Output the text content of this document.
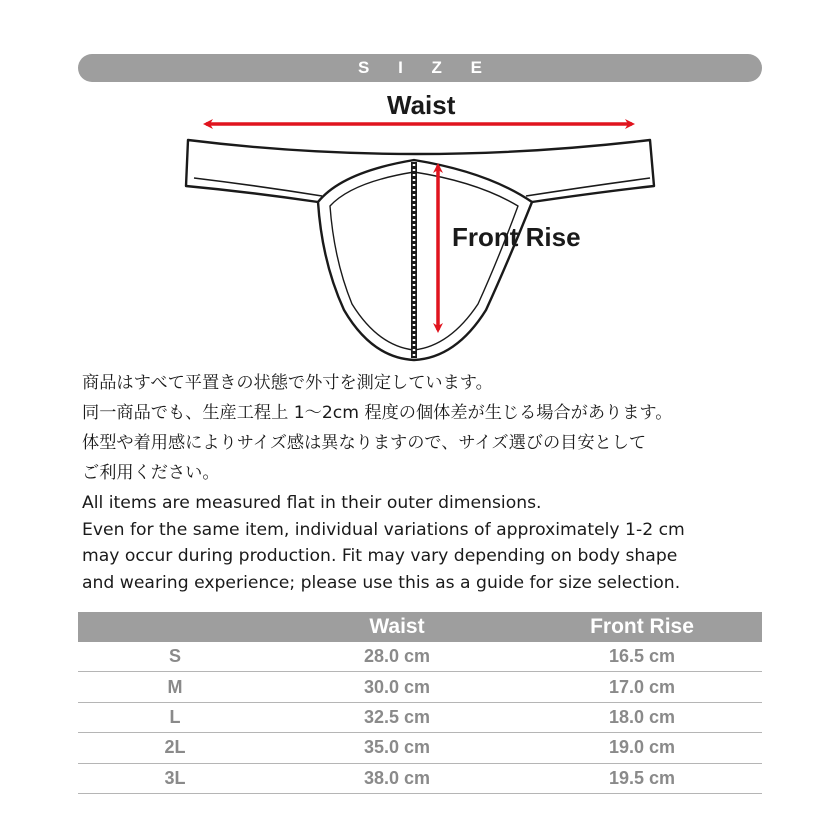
S I Z E
Waist
Front Rise
商品はすべて平置きの状態で外寸を測定しています。
同一商品でも、生産工程上 1〜2cm 程度の個体差が生じる場合があります。
体型や着用感によりサイズ感は異なりますので、サイズ選びの目安として
ご利用ください。
All items are measured flat in their outer dimensions.
Even for the same item, individual variations of approximately 1-2 cm
may occur during production. Fit may vary depending on body shape
and wearing experience; please use this as a guide for size selection.
	Waist	Front Rise
S	28.0 cm	16.5 cm
M	30.0 cm	17.0 cm
L	32.5 cm	18.0 cm
2L	35.0 cm	19.0 cm
3L	38.0 cm	19.5 cm
